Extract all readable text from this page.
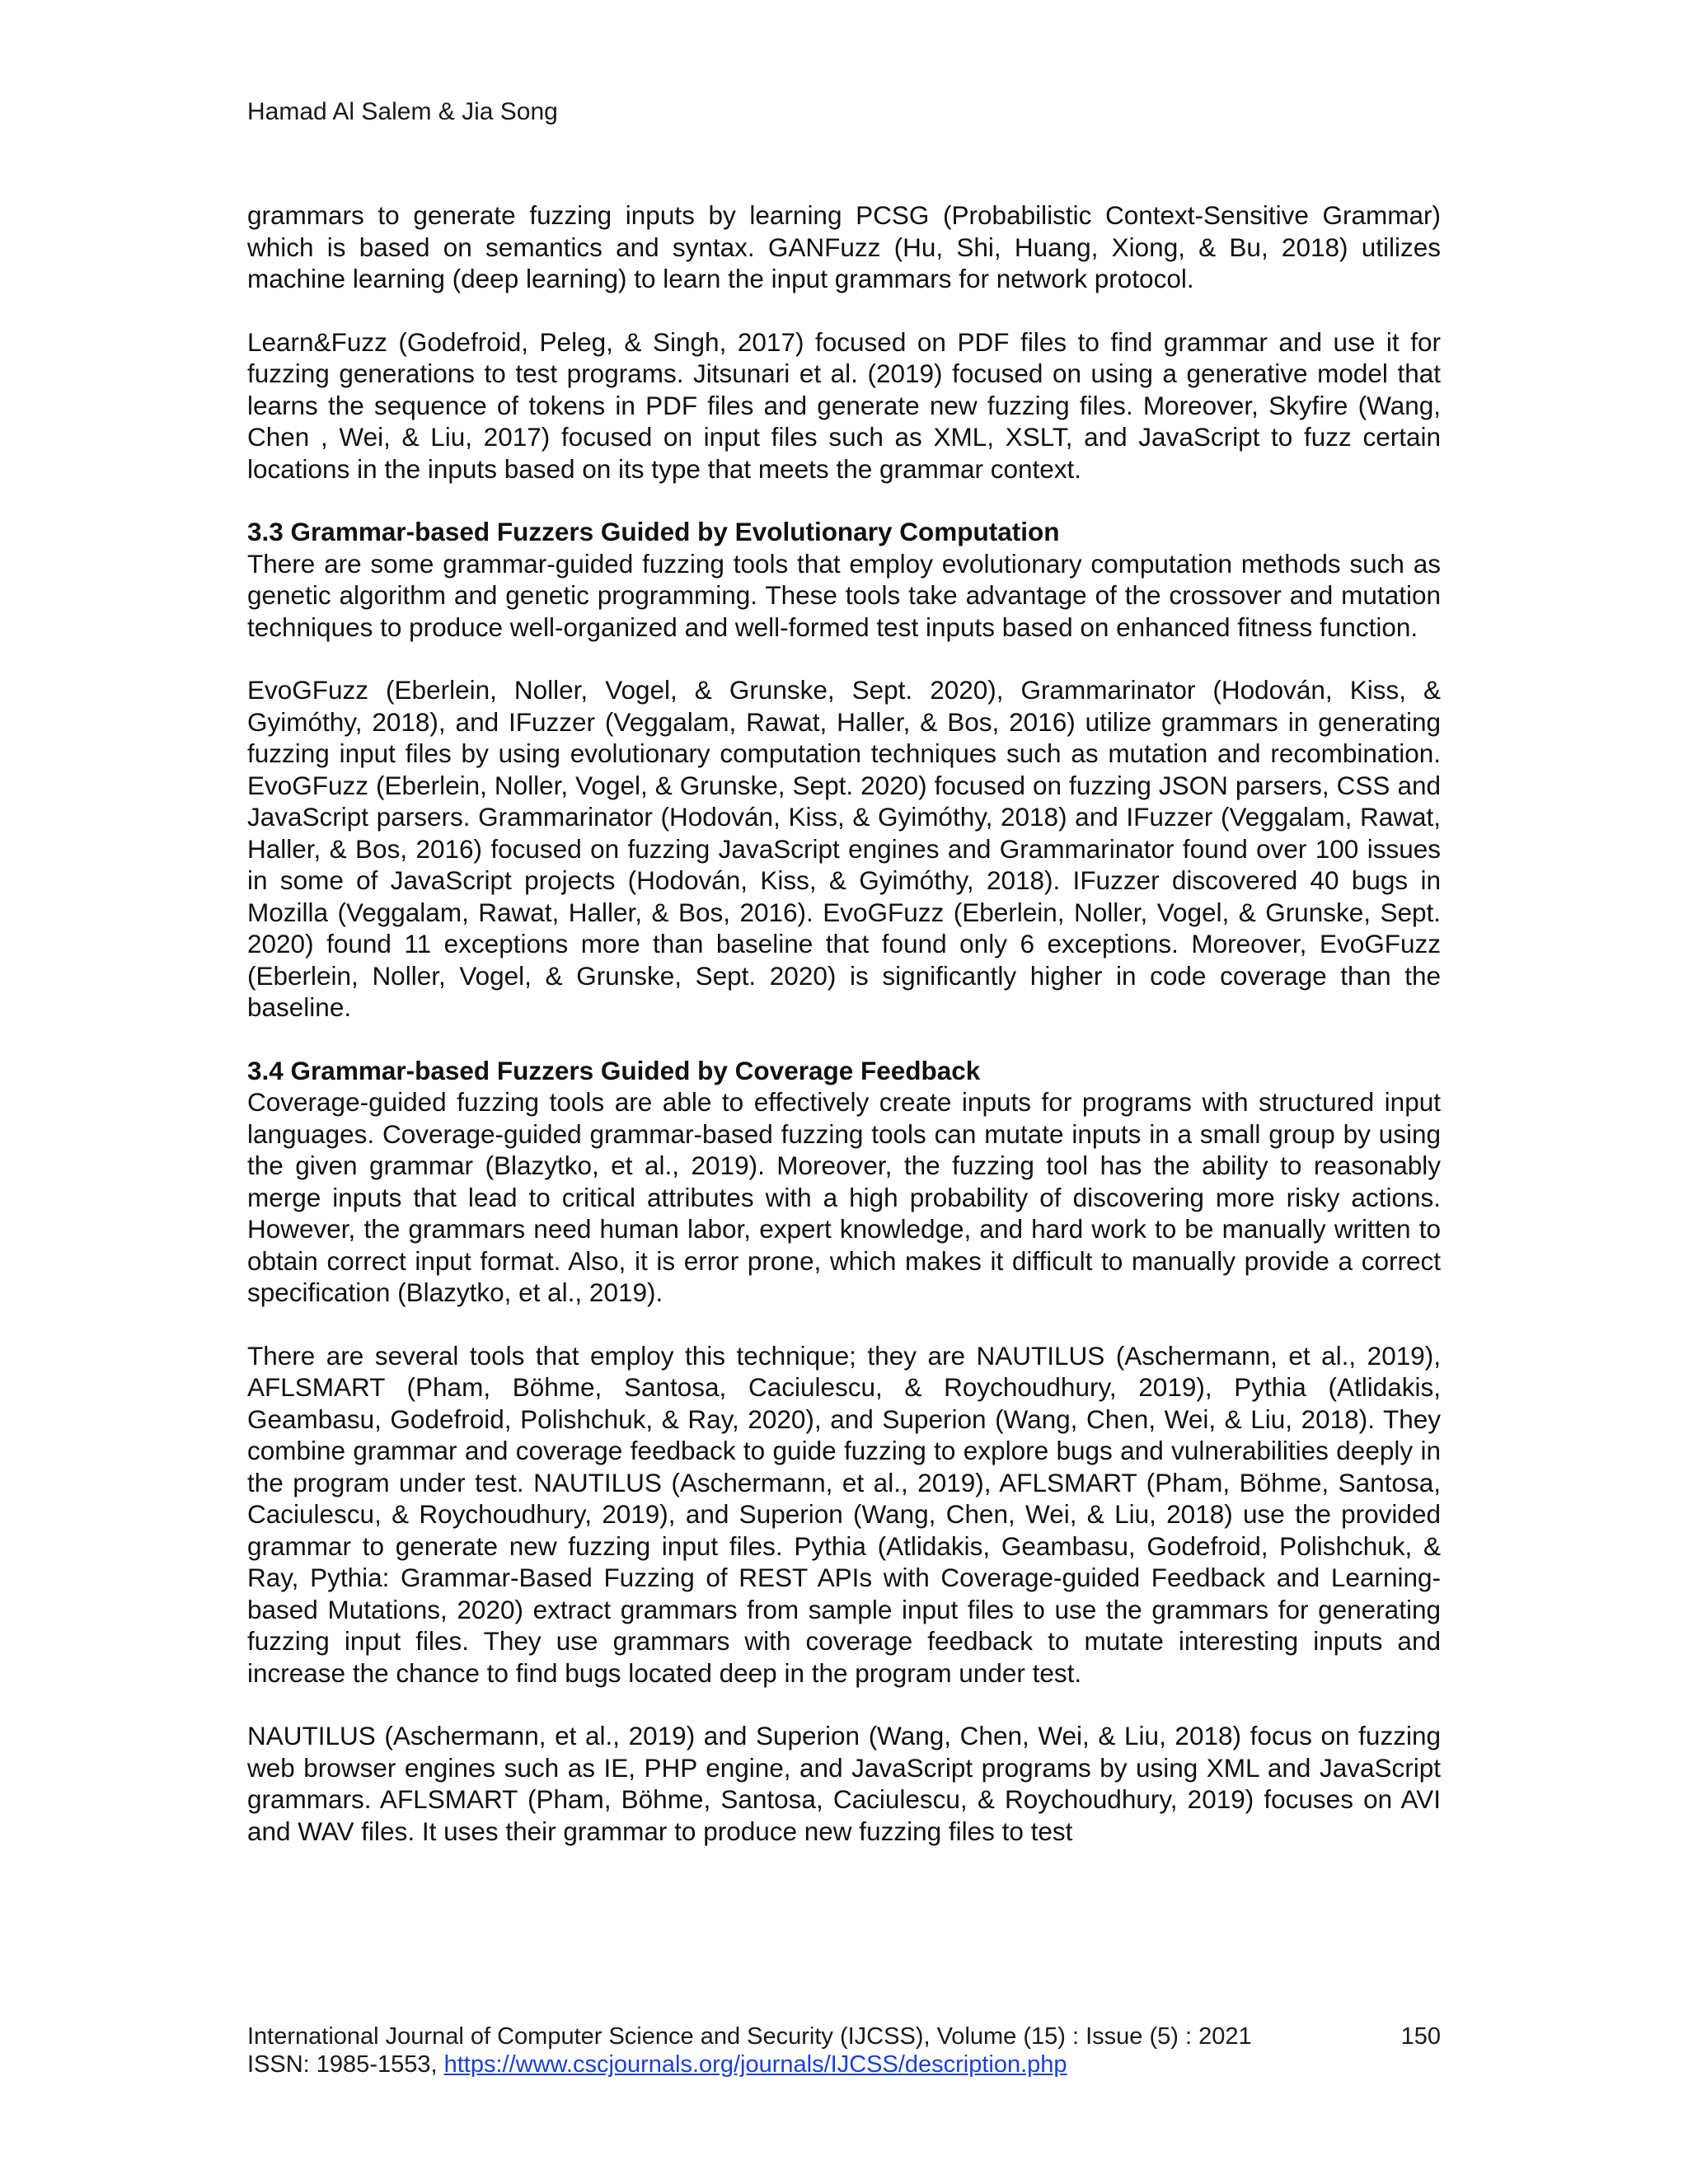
Hamad Al Salem & Jia Song

grammars to generate fuzzing inputs by learning PCSG (Probabilistic Context-Sensitive Grammar) which is based on semantics and syntax. GANFuzz (Hu, Shi, Huang, Xiong, & Bu, 2018) utilizes machine learning (deep learning) to learn the input grammars for network protocol.

Learn&Fuzz (Godefroid, Peleg, & Singh, 2017) focused on PDF files to find grammar and use it for fuzzing generations to test programs. Jitsunari et al. (2019) focused on using a generative model that learns the sequence of tokens in PDF files and generate new fuzzing files. Moreover, Skyfire (Wang, Chen , Wei, & Liu, 2017) focused on input files such as XML, XSLT, and JavaScript to fuzz certain locations in the inputs based on its type that meets the grammar context.

3.3 Grammar-based Fuzzers Guided by Evolutionary Computation

There are some grammar-guided fuzzing tools that employ evolutionary computation methods such as genetic algorithm and genetic programming. These tools take advantage of the crossover and mutation techniques to produce well-organized and well-formed test inputs based on enhanced fitness function.

EvoGFuzz (Eberlein, Noller, Vogel, & Grunske, Sept. 2020), Grammarinator (Hodován, Kiss, & Gyimóthy, 2018), and IFuzzer (Veggalam, Rawat, Haller, & Bos, 2016) utilize grammars in generating fuzzing input files by using evolutionary computation techniques such as mutation and recombination. EvoGFuzz (Eberlein, Noller, Vogel, & Grunske, Sept. 2020) focused on fuzzing JSON parsers, CSS and JavaScript parsers. Grammarinator (Hodován, Kiss, & Gyimóthy, 2018) and IFuzzer (Veggalam, Rawat, Haller, & Bos, 2016) focused on fuzzing JavaScript engines and Grammarinator found over 100 issues in some of JavaScript projects (Hodován, Kiss, & Gyimóthy, 2018). IFuzzer discovered 40 bugs in Mozilla (Veggalam, Rawat, Haller, & Bos, 2016). EvoGFuzz (Eberlein, Noller, Vogel, & Grunske, Sept. 2020) found 11 exceptions more than baseline that found only 6 exceptions. Moreover, EvoGFuzz (Eberlein, Noller, Vogel, & Grunske, Sept. 2020) is significantly higher in code coverage than the baseline.

3.4 Grammar-based Fuzzers Guided by Coverage Feedback

Coverage-guided fuzzing tools are able to effectively create inputs for programs with structured input languages. Coverage-guided grammar-based fuzzing tools can mutate inputs in a small group by using the given grammar (Blazytko, et al., 2019). Moreover, the fuzzing tool has the ability to reasonably merge inputs that lead to critical attributes with a high probability of discovering more risky actions. However, the grammars need human labor, expert knowledge, and hard work to be manually written to obtain correct input format. Also, it is error prone, which makes it difficult to manually provide a correct specification (Blazytko, et al., 2019).

There are several tools that employ this technique; they are NAUTILUS (Aschermann, et al., 2019), AFLSMART (Pham, Böhme, Santosa, Caciulescu, & Roychoudhury, 2019), Pythia (Atlidakis, Geambasu, Godefroid, Polishchuk, & Ray, 2020), and Superion (Wang, Chen, Wei, & Liu, 2018). They combine grammar and coverage feedback to guide fuzzing to explore bugs and vulnerabilities deeply in the program under test. NAUTILUS (Aschermann, et al., 2019), AFLSMART (Pham, Böhme, Santosa, Caciulescu, & Roychoudhury, 2019), and Superion (Wang, Chen, Wei, & Liu, 2018) use the provided grammar to generate new fuzzing input files. Pythia (Atlidakis, Geambasu, Godefroid, Polishchuk, & Ray, Pythia: Grammar-Based Fuzzing of REST APIs with Coverage-guided Feedback and Learning-based Mutations, 2020) extract grammars from sample input files to use the grammars for generating fuzzing input files. They use grammars with coverage feedback to mutate interesting inputs and increase the chance to find bugs located deep in the program under test.

NAUTILUS (Aschermann, et al., 2019) and Superion (Wang, Chen, Wei, & Liu, 2018) focus on fuzzing web browser engines such as IE, PHP engine, and JavaScript programs by using XML and JavaScript grammars. AFLSMART (Pham, Böhme, Santosa, Caciulescu, & Roychoudhury, 2019) focuses on AVI and WAV files. It uses their grammar to produce new fuzzing files to test

International Journal of Computer Science and Security (IJCSS), Volume (15) : Issue (5) : 2021	150
ISSN: 1985-1553, https://www.cscjournals.org/journals/IJCSS/description.php
